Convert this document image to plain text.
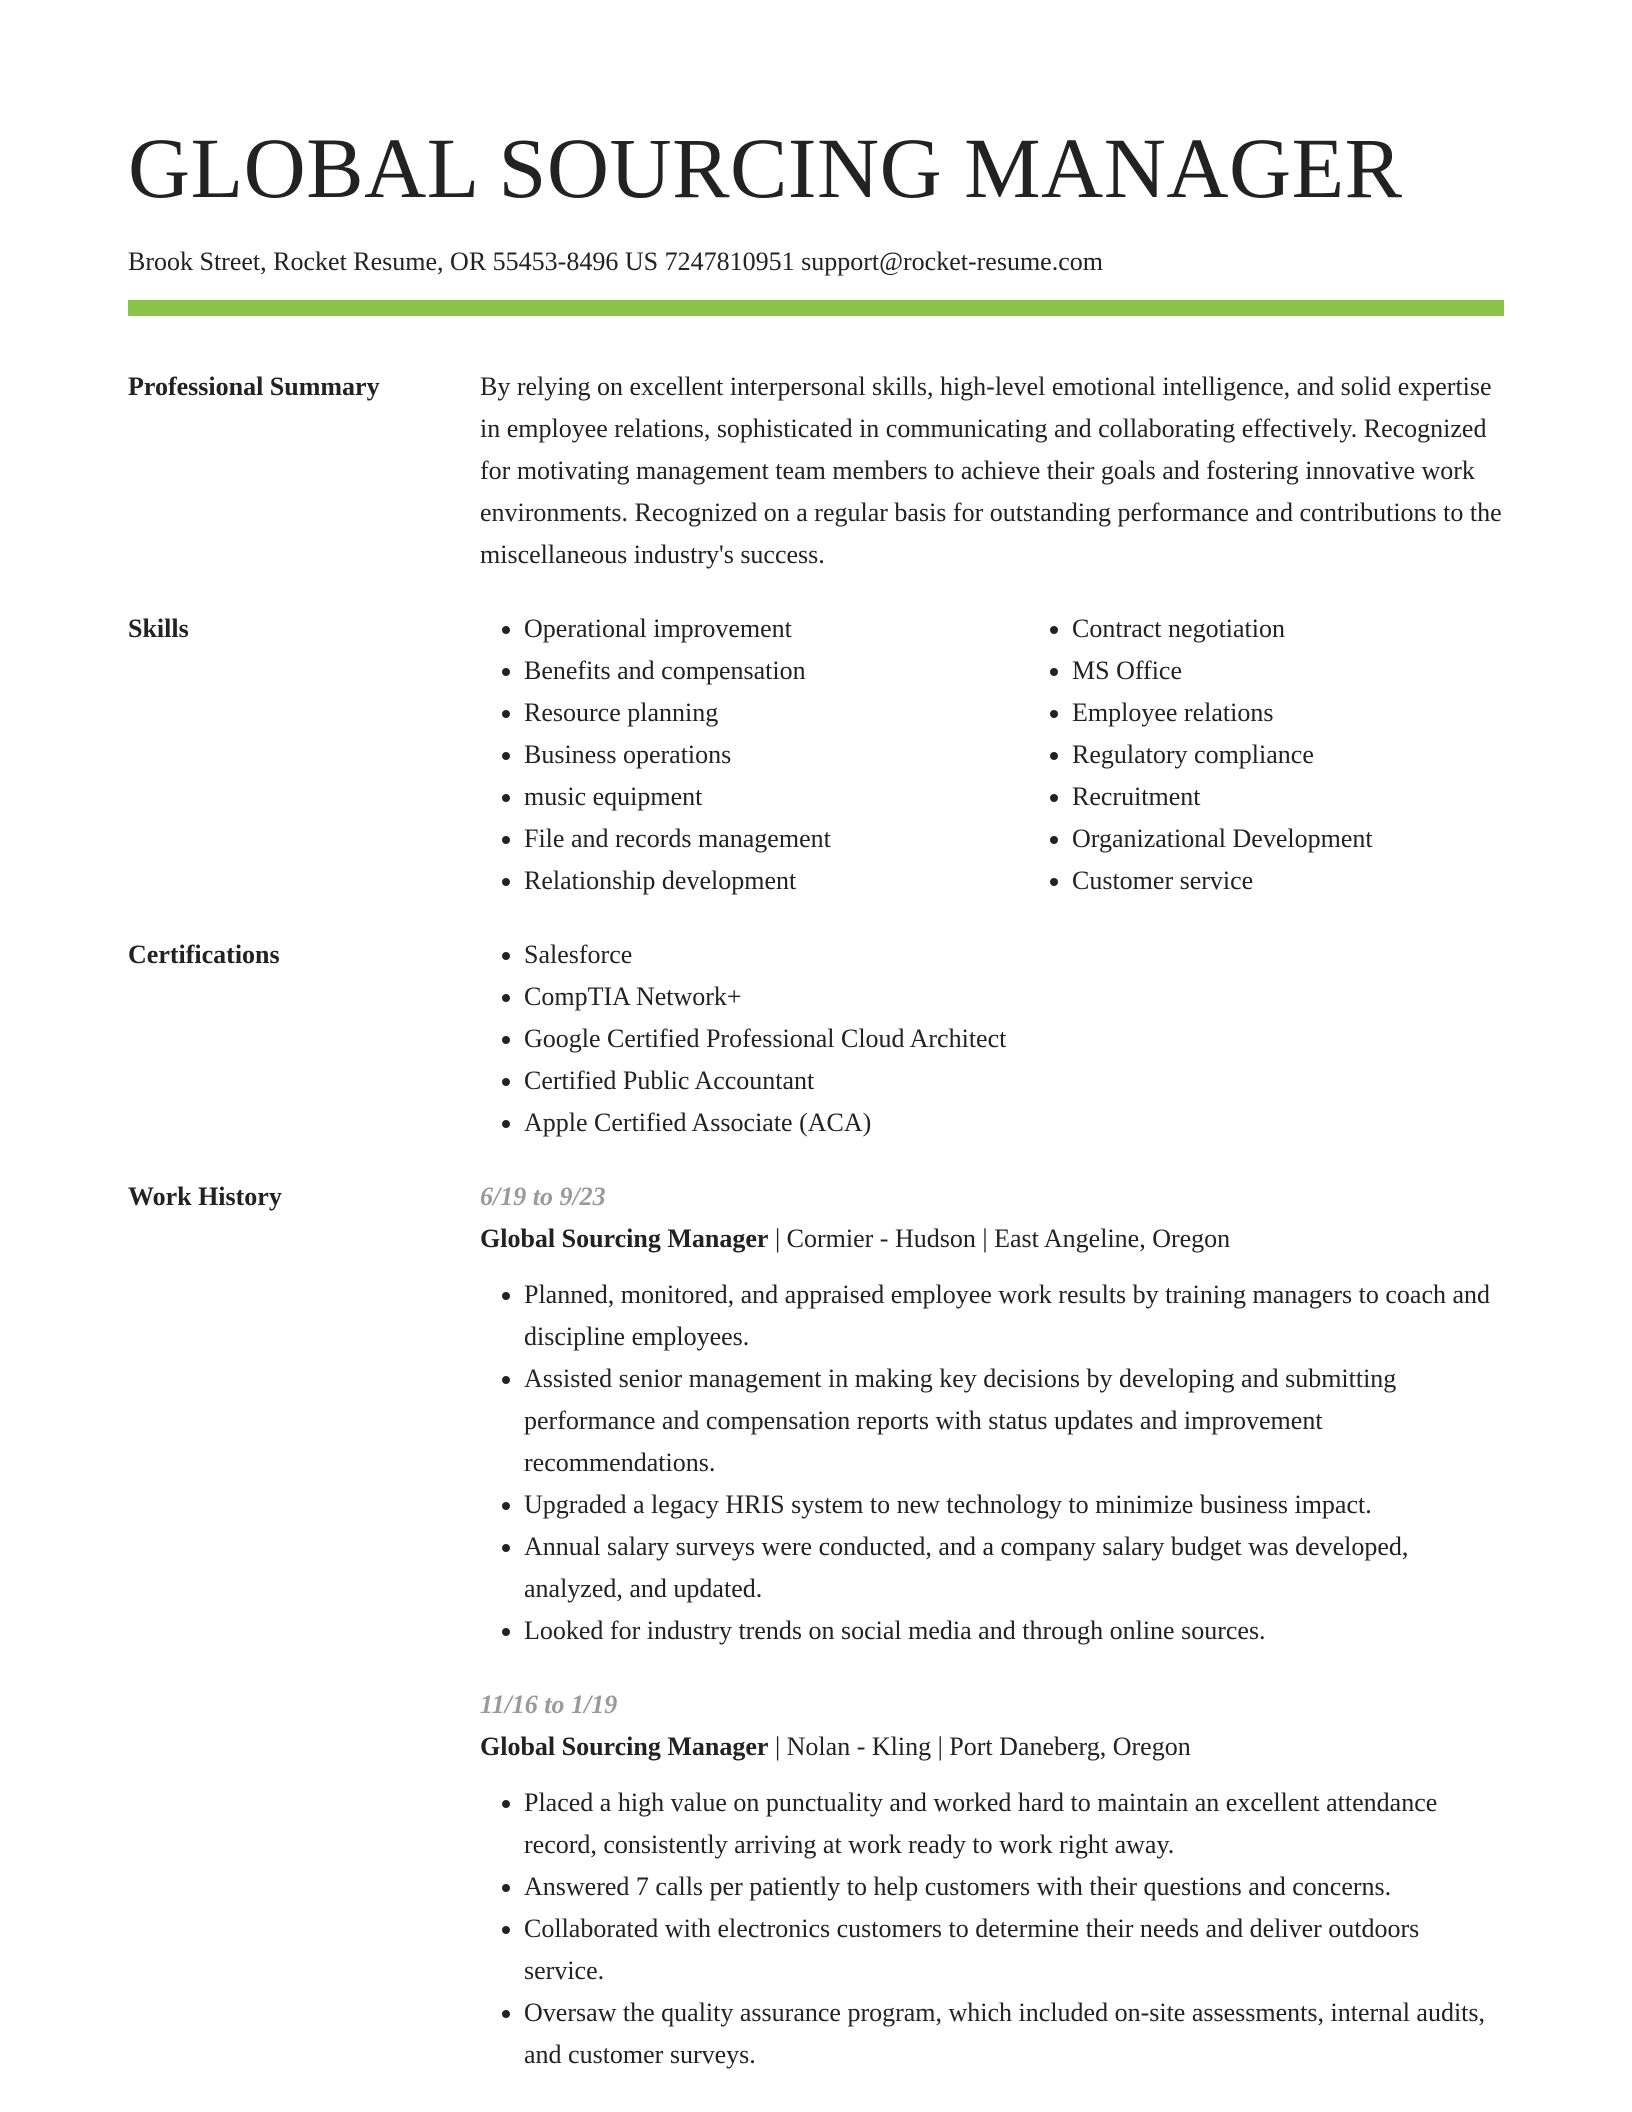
GLOBAL SOURCING MANAGER
Brook Street, Rocket Resume, OR 55453-8496 US 7247810951 support@rocket-resume.com
Professional Summary	By relying on excellent interpersonal skills, high-level emotional intelligence, and solid expertise in employee relations, sophisticated in communicating and collaborating effectively. Recognized for motivating management team members to achieve their goals and fostering innovative work environments. Recognized on a regular basis for outstanding performance and contributions to the miscellaneous industry's success.

Skills	• Operational improvement
• Benefits and compensation
• Resource planning
• Business operations
• music equipment
• File and records management
• Relationship development
• Contract negotiation
• MS Office
• Employee relations
• Regulatory compliance
• Recruitment
• Organizational Development
• Customer service
Certifications	• Salesforce
• CompTIA Network+
• Google Certified Professional Cloud Architect
• Certified Public Accountant
• Apple Certified Associate (ACA)
Work History	6/19 to 9/23
Global Sourcing Manager | Cormier - Hudson | East Angeline, Oregon
• Planned, monitored, and appraised employee work results by training managers to coach and discipline employees.
• Assisted senior management in making key decisions by developing and submitting performance and compensation reports with status updates and improvement recommendations.
• Upgraded a legacy HRIS system to new technology to minimize business impact.
• Annual salary surveys were conducted, and a company salary budget was developed, analyzed, and updated.
• Looked for industry trends on social media and through online sources.
11/16 to 1/19
Global Sourcing Manager | Nolan - Kling | Port Daneberg, Oregon
• Placed a high value on punctuality and worked hard to maintain an excellent attendance record, consistently arriving at work ready to work right away.
• Answered 7 calls per patiently to help customers with their questions and concerns.
• Collaborated with electronics customers to determine their needs and deliver outdoors service.
• Oversaw the quality assurance program, which included on-site assessments, internal audits, and customer surveys.
